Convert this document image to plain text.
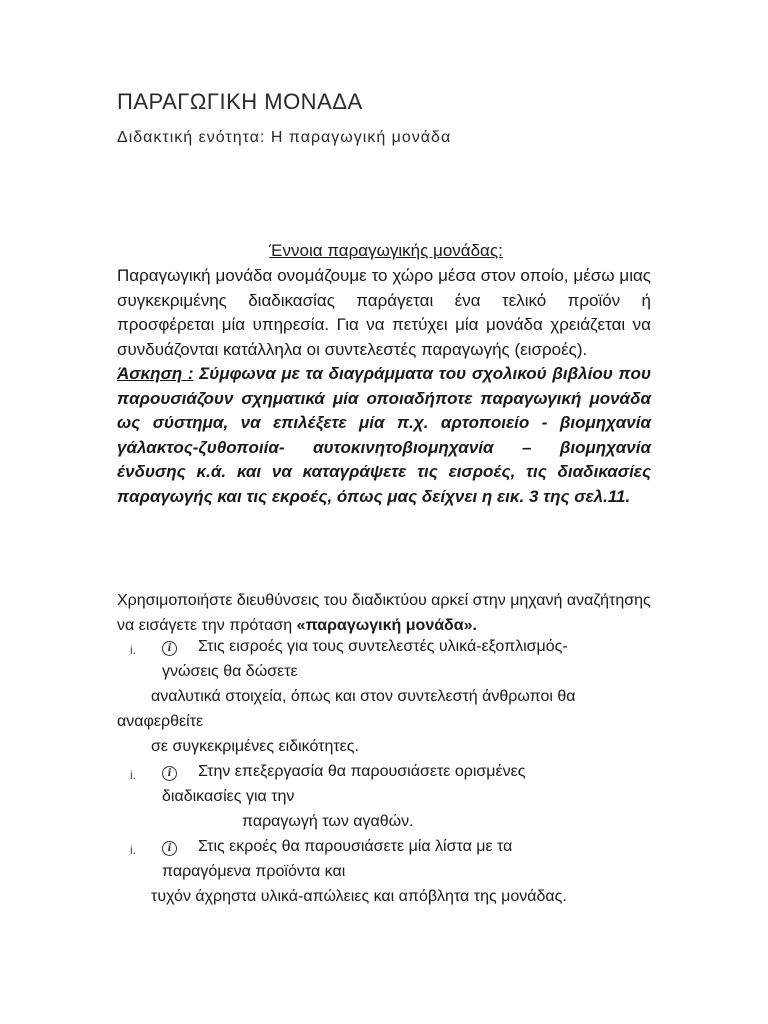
ΠΑΡΑΓΩΓΙΚΗ ΜΟΝΑΔΑ
Διδακτική ενότητα: Η παραγωγική μονάδα
Έννοια παραγωγικής μονάδας:
Παραγωγική μονάδα ονομάζουμε το χώρο μέσα στον οποίο, μέσω μιας συγκεκριμένης διαδικασίας παράγεται ένα τελικό προϊόν ή προσφέρεται μία υπηρεσία. Για να πετύχει μία μονάδα χρειάζεται να συνδυάζονται κατάλληλα οι συντελεστές παραγωγής (εισροές).
Άσκηση : Σύμφωνα με τα διαγράμματα του σχολικού βιβλίου που παρουσιάζουν σχηματικά μία οποιαδήποτε παραγωγική μονάδα ως σύστημα, να επιλέξετε μία π.χ. αρτοποιείο - βιομηχανία γάλακτος-ζυθοποιία- αυτοκινητοβιομηχανία – βιομηχανία ένδυσης κ.ά. και να καταγράψετε τις εισροές, τις διαδικασίες παραγωγής και τις εκροές, όπως μας δείχνει η εικ. 3 της σελ.11.
Χρησιμοποιήστε διευθύνσεις του διαδικτύου αρκεί στην μηχανή αναζήτησης να εισάγετε την πρόταση «παραγωγική μονάδα».
i.	i	Στις εισροές για τους συντελεστές υλικά-εξοπλισμός-
γνώσεις θα δώσετε
αναλυτικά στοιχεία, όπως και στον συντελεστή άνθρωποι θα
αναφερθείτε
σε συγκεκριμένες ειδικότητες.
i.	i	Στην επεξεργασία θα παρουσιάσετε ορισμένες
διαδικασίες για την
παραγωγή των αγαθών.
i.	i	Στις εκροές θα παρουσιάσετε μία λίστα με τα
παραγόμενα προϊόντα και
τυχόν άχρηστα υλικά-απώλειες και απόβλητα της μονάδας.
